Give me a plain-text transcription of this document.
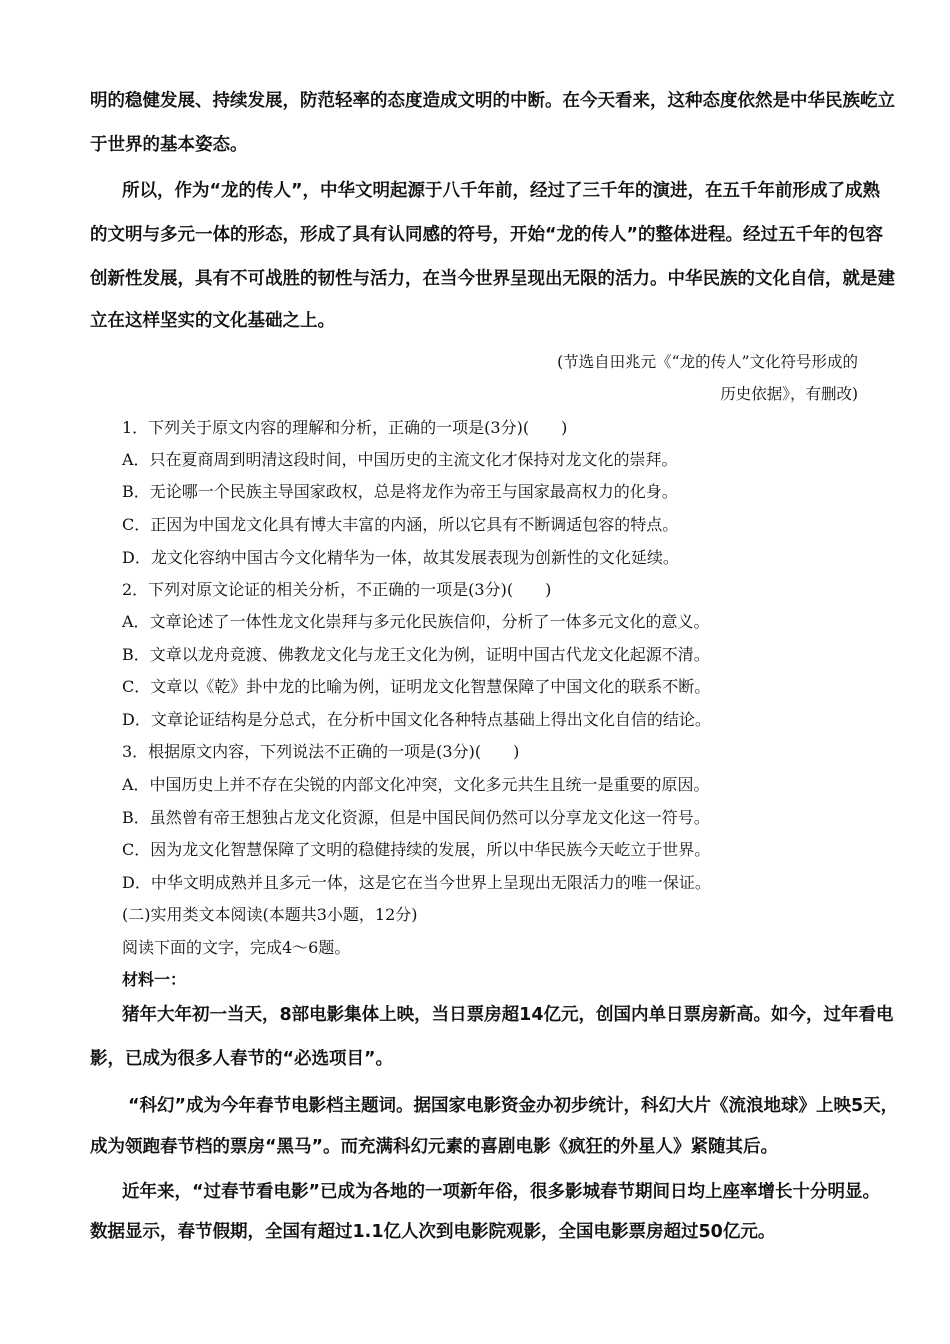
明的稳健发展、持续发展，防范轻率的态度造成文明的中断。在今天看来，这种态度依然是中华民族屹立
于世界的基本姿态。
所以，作为“龙的传人”，中华文明起源于八千年前，经过了三千年的演进，在五千年前形成了成熟
的文明与多元一体的形态，形成了具有认同感的符号，开始“龙的传人”的整体进程。经过五千年的包容
创新性发展，具有不可战胜的韧性与活力，在当今世界呈现出无限的活力。中华民族的文化自信，就是建
立在这样坚实的文化基础之上。
(节选自田兆元《“龙的传人”文化符号形成的
历史依据》，有删改)
1．下列关于原文内容的理解和分析，正确的一项是(3分)(　　)
A．只在夏商周到明清这段时间，中国历史的主流文化才保持对龙文化的崇拜。
B．无论哪一个民族主导国家政权，总是将龙作为帝王与国家最高权力的化身。
C．正因为中国龙文化具有博大丰富的内涵，所以它具有不断调适包容的特点。
D．龙文化容纳中国古今文化精华为一体，故其发展表现为创新性的文化延续。
2．下列对原文论证的相关分析，不正确的一项是(3分)(　　)
A．文章论述了一体性龙文化崇拜与多元化民族信仰，分析了一体多元文化的意义。
B．文章以龙舟竞渡、佛教龙文化与龙王文化为例，证明中国古代龙文化起源不清。
C．文章以《乾》卦中龙的比喻为例，证明龙文化智慧保障了中国文化的联系不断。
D．文章论证结构是分总式，在分析中国文化各种特点基础上得出文化自信的结论。
3．根据原文内容，下列说法不正确的一项是(3分)(　　)
A．中国历史上并不存在尖锐的内部文化冲突，文化多元共生且统一是重要的原因。
B．虽然曾有帝王想独占龙文化资源，但是中国民间仍然可以分享龙文化这一符号。
C．因为龙文化智慧保障了文明的稳健持续的发展，所以中华民族今天屹立于世界。
D．中华文明成熟并且多元一体，这是它在当今世界上呈现出无限活力的唯一保证。
(二)实用类文本阅读(本题共3小题，12分)
阅读下面的文字，完成4～6题。
材料一：
猪年大年初一当天，8部电影集体上映，当日票房超14亿元，创国内单日票房新高。如今，过年看电
影，已成为很多人春节的“必选项目”。
“科幻”成为今年春节电影档主题词。据国家电影资金办初步统计，科幻大片《流浪地球》上映5天，
成为领跑春节档的票房“黑马”。而充满科幻元素的喜剧电影《疯狂的外星人》紧随其后。
近年来，“过春节看电影”已成为各地的一项新年俗，很多影城春节期间日均上座率增长十分明显。
数据显示，春节假期，全国有超过1.1亿人次到电影院观影，全国电影票房超过50亿元。
